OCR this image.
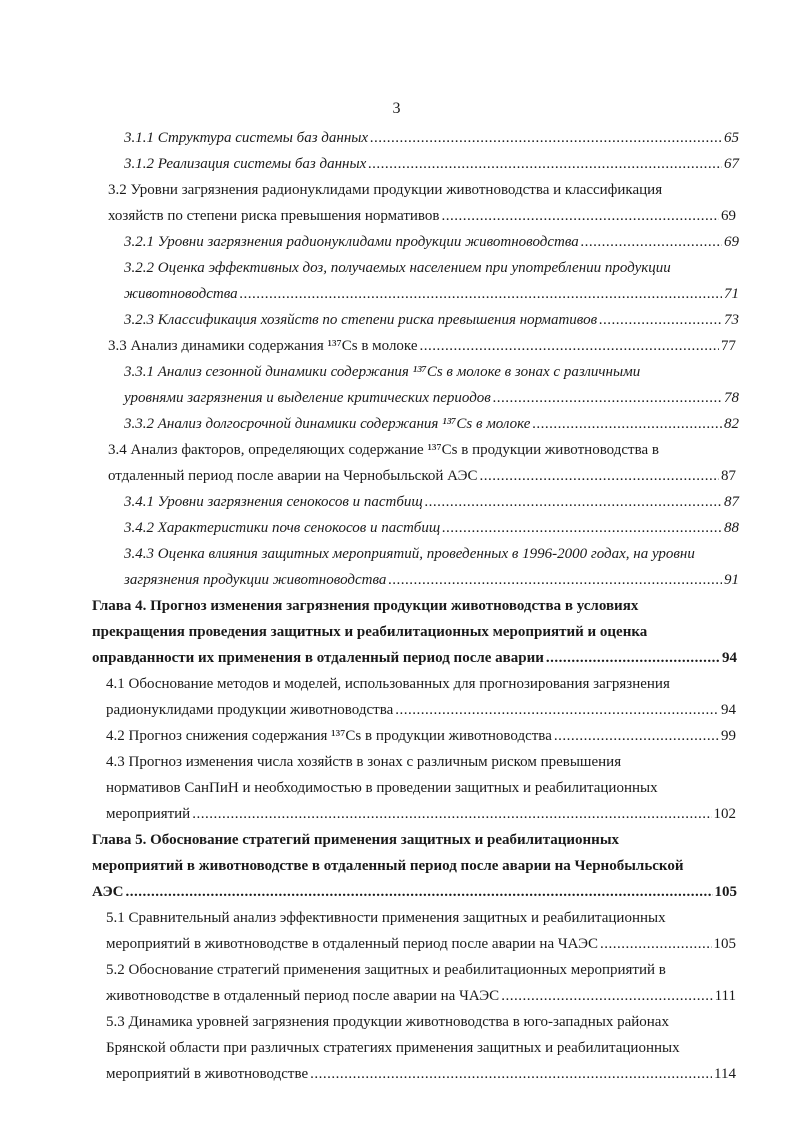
3
3.1.1 Структура системы баз данных .....	65
3.1.2 Реализация системы баз данных .....	67
3.2 Уровни загрязнения радионуклидами продукции животноводства и классификация
хозяйств по степени риска превышения нормативов .....	69
3.2.1 Уровни загрязнения радионуклидами продукции животноводства .....	69
3.2.2 Оценка эффективных доз, получаемых населением при употреблении продукции
животноводства .....	71
3.2.3 Классификация хозяйств по степени риска превышения нормативов .....	73
3.3 Анализ динамики содержания ¹³⁷Cs в молоке .....	77
3.3.1 Анализ сезонной динамики содержания ¹³⁷Cs в молоке в зонах с различными
уровнями загрязнения и выделение критических периодов .....	78
3.3.2 Анализ долгосрочной динамики содержания ¹³⁷Cs в молоке .....	82
3.4 Анализ факторов, определяющих содержание ¹³⁷Cs в продукции животноводства в
отдаленный период после аварии на Чернобыльской АЭС .....	87
3.4.1 Уровни загрязнения сенокосов и пастбищ .....	87
3.4.2 Характеристики почв сенокосов и пастбищ .....	88
3.4.3 Оценка влияния защитных мероприятий, проведенных в 1996-2000 годах, на уровни
загрязнения продукции животноводства .....	91
Глава 4. Прогноз изменения загрязнения продукции животноводства в условиях
прекращения проведения защитных и реабилитационных мероприятий и оценка
оправданности их применения в отдаленный период после аварии .....	94
4.1 Обоснование методов и моделей, использованных для прогнозирования загрязнения
радионуклидами продукции животноводства .....	94
4.2 Прогноз снижения содержания ¹³⁷Cs в продукции животноводства .....	99
4.3 Прогноз изменения числа хозяйств в зонах с различным риском превышения
нормативов СанПиН и необходимостью в проведении защитных и реабилитационных
мероприятий .....	102
Глава 5. Обоснование стратегий применения защитных и реабилитационных
мероприятий в животноводстве в отдаленный период после аварии на Чернобыльской
АЭС .....	105
5.1 Сравнительный анализ эффективности применения защитных и реабилитационных
мероприятий в животноводстве в отдаленный период после аварии на ЧАЭС .....	105
5.2 Обоснование стратегий применения защитных и реабилитационных мероприятий в
животноводстве в отдаленный период после аварии на ЧАЭС .....	111
5.3 Динамика уровней загрязнения продукции животноводства в юго-западных районах
Брянской области при различных стратегиях применения защитных и реабилитационных
мероприятий в животноводстве .....	114
